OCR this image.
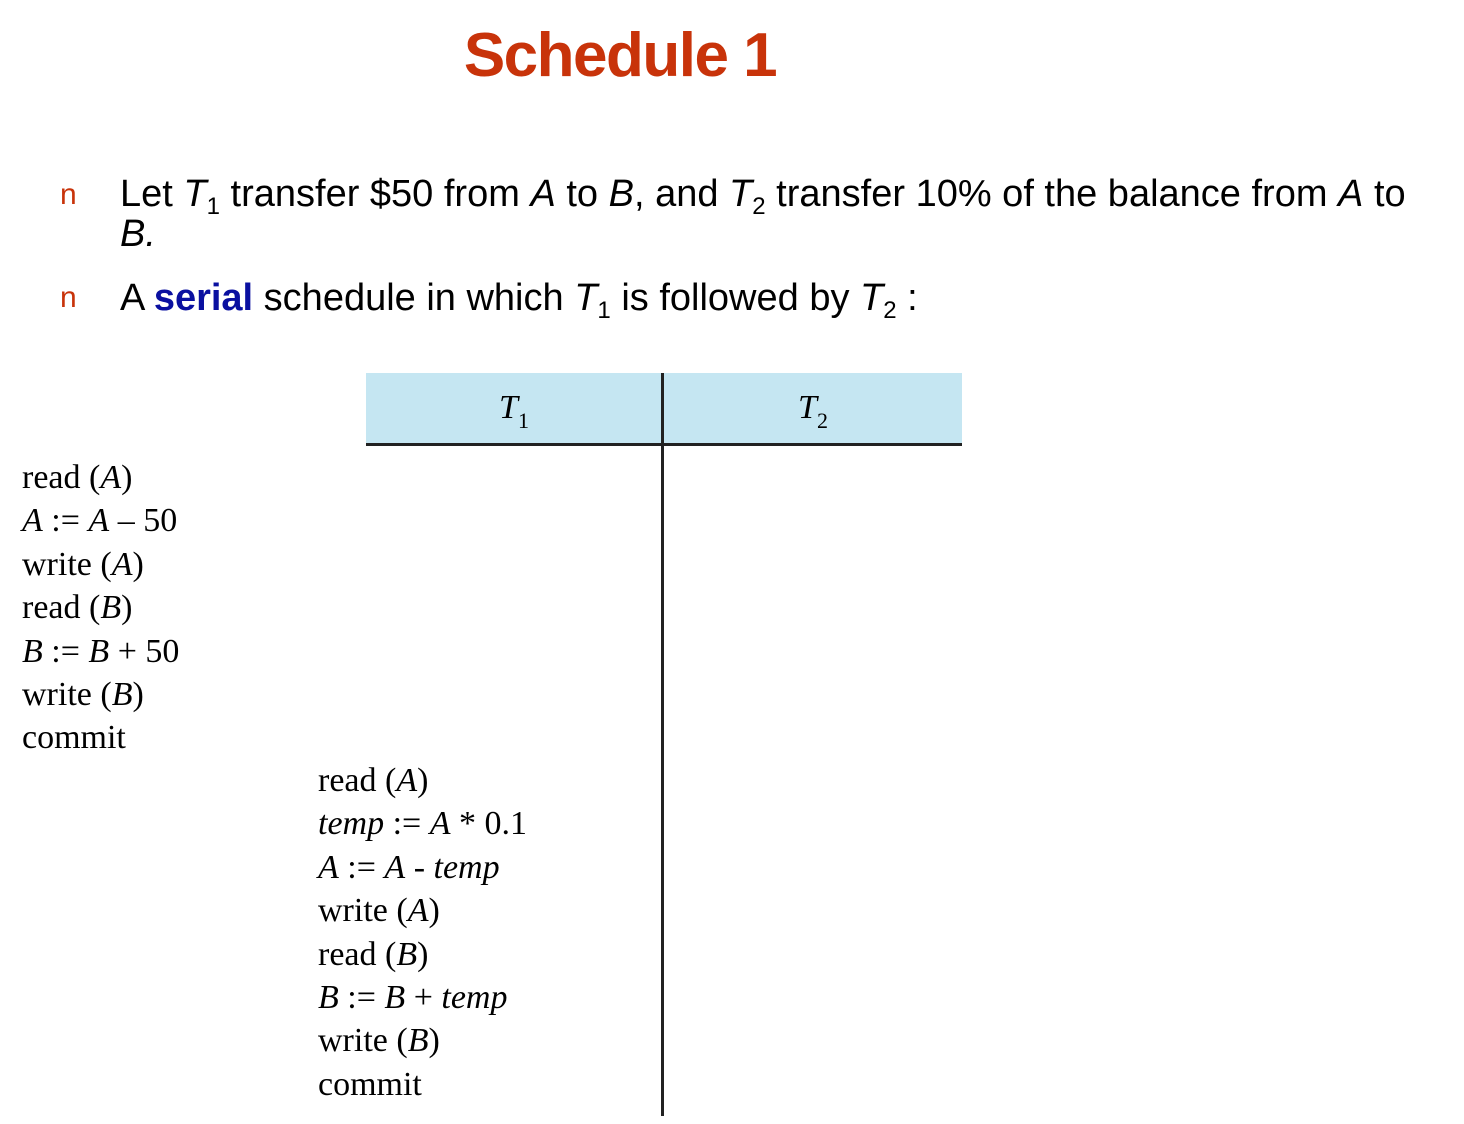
Schedule 1
n Let $T_1$ transfer $50 from A to B, and $T_2$ transfer 10% of the balance from A to B.
n A serial schedule in which $T_1$ is followed by $T_2$ :
$T_1$	$T_2$
read (A)
A := A – 50
write (A)
read (B)
B := B + 50
write (B)
commit
read (A)
temp := A * 0.1
A := A - temp
write (A)
read (B)
B := B + temp
write (B)
commit
